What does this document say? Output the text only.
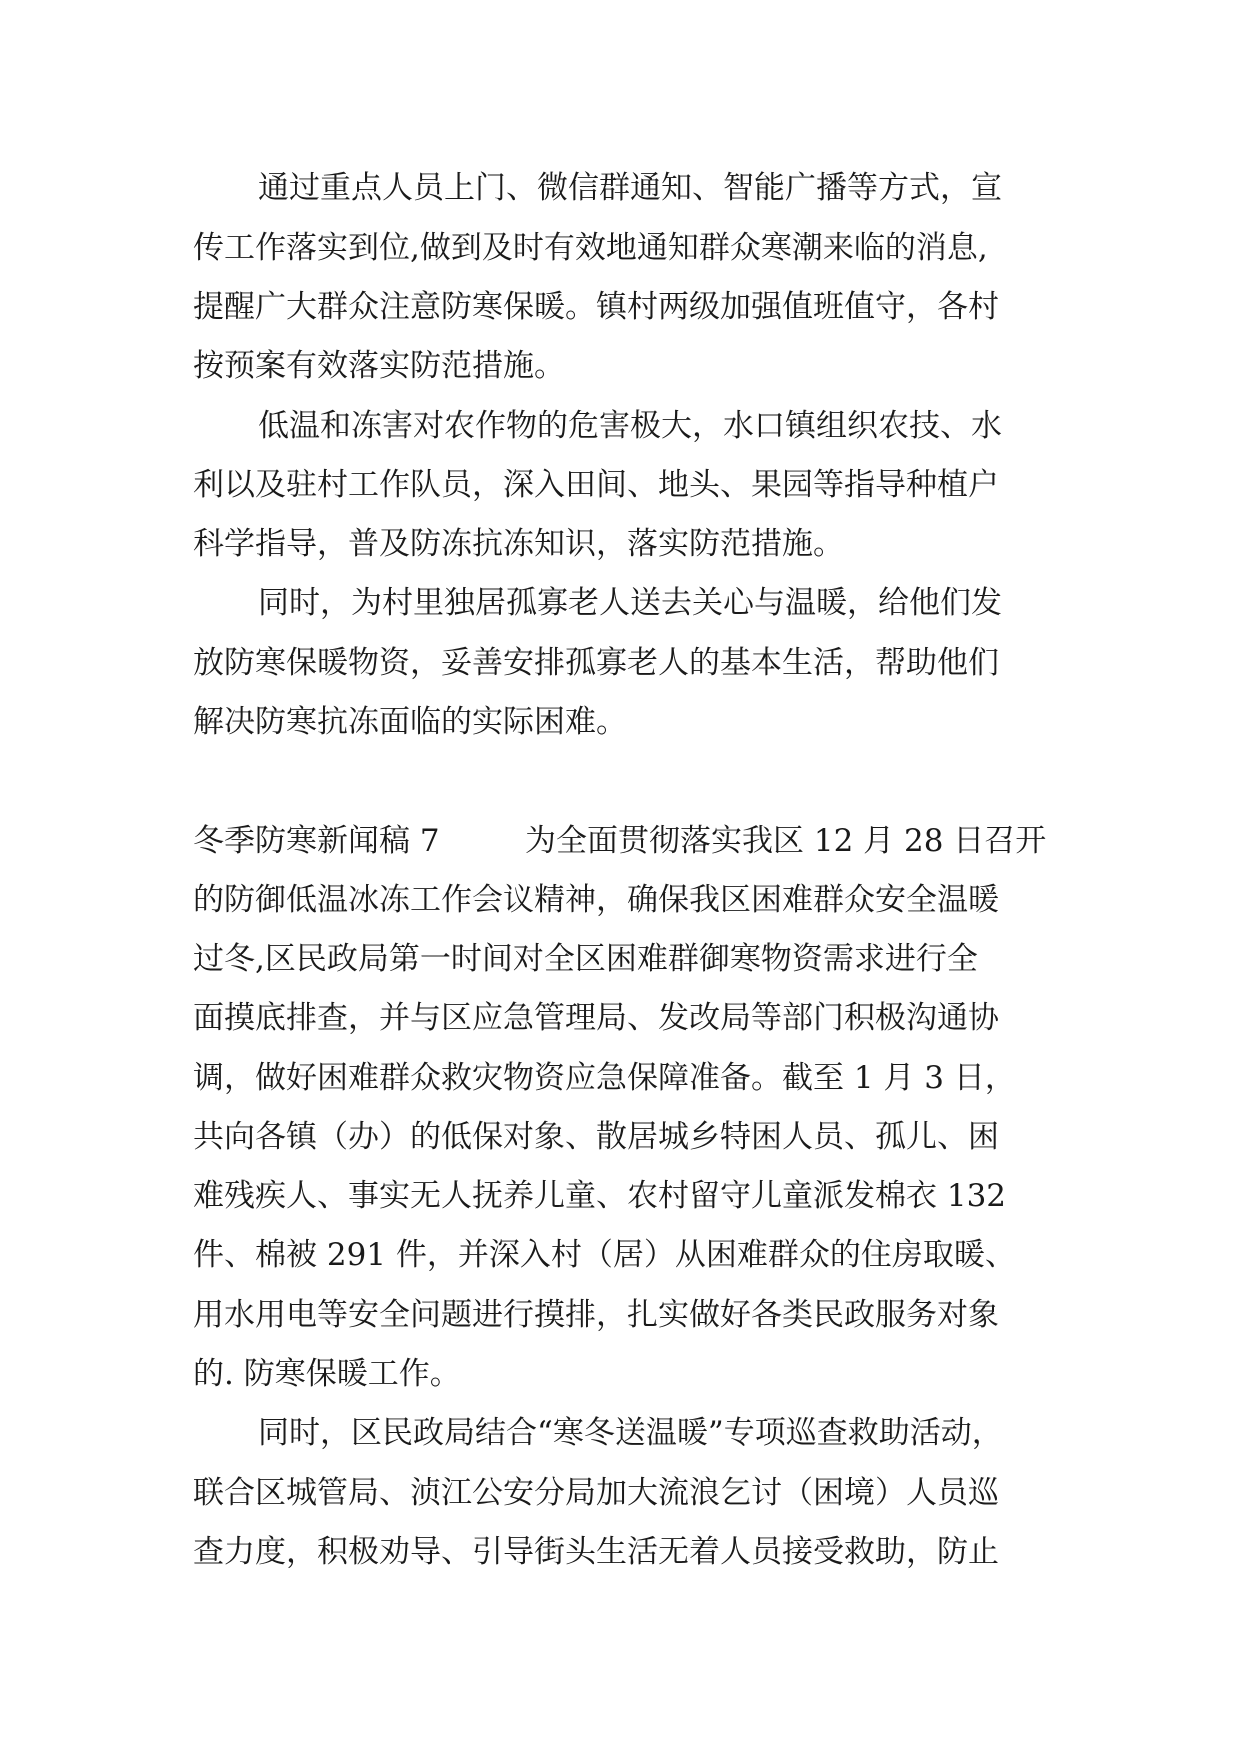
通过重点人员上门、微信群通知、智能广播等方式，宣
传工作落实到位,做到及时有效地通知群众寒潮来临的消息,
提醒广大群众注意防寒保暖。镇村两级加强值班值守，各村
按预案有效落实防范措施。
低温和冻害对农作物的危害极大，水口镇组织农技、水
利以及驻村工作队员，深入田间、地头、果园等指导种植户
科学指导，普及防冻抗冻知识，落实防范措施。
同时，为村里独居孤寡老人送去关心与温暖，给他们发
放防寒保暖物资，妥善安排孤寡老人的基本生活，帮助他们
解决防寒抗冻面临的实际困难。
冬季防寒新闻稿 7	为全面贯彻落实我区 12 月 28 日召开
的防御低温冰冻工作会议精神，确保我区困难群众安全温暖
过冬,区民政局第一时间对全区困难群御寒物资需求进行全
面摸底排查，并与区应急管理局、发改局等部门积极沟通协
调，做好困难群众救灾物资应急保障准备。截至 1 月 3 日，
共向各镇（办）的低保对象、散居城乡特困人员、孤儿、困
难残疾人、事实无人抚养儿童、农村留守儿童派发棉衣 132
件、棉被 291 件，并深入村（居）从困难群众的住房取暖、
用水用电等安全问题进行摸排，扎实做好各类民政服务对象
的. 防寒保暖工作。
同时，区民政局结合“寒冬送温暖”专项巡查救助活动，
联合区城管局、浈江公安分局加大流浪乞讨（困境）人员巡
查力度，积极劝导、引导街头生活无着人员接受救助，防止
